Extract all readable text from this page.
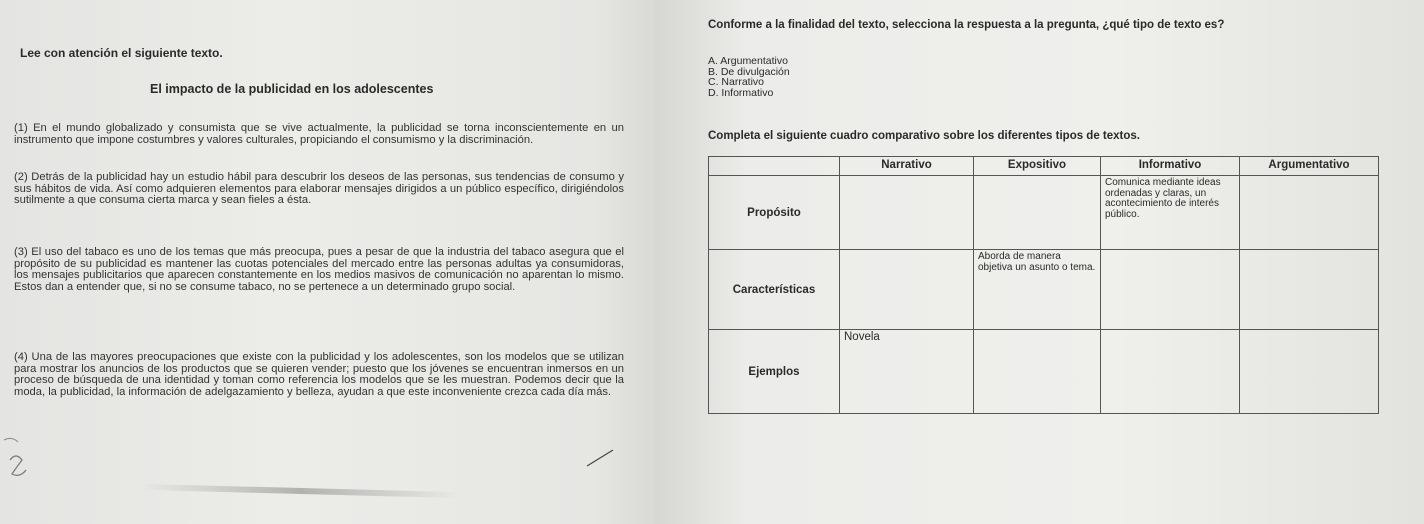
Lee con atención el siguiente texto.
El impacto de la publicidad en los adolescentes
(1) En el mundo globalizado y consumista que se vive actualmente, la publicidad se torna inconscientemente en un instrumento que impone costumbres y valores culturales, propiciando el consumismo y la discriminación.
(2) Detrás de la publicidad hay un estudio hábil para descubrir los deseos de las personas, sus tendencias de consumo y sus hábitos de vida. Así como adquieren elementos para elaborar mensajes dirigidos a un público específico, dirigiéndolos sutilmente a que consuma cierta marca y sean fieles a ésta.
(3) El uso del tabaco es uno de los temas que más preocupa, pues a pesar de que la industria del tabaco asegura que el propósito de su publicidad es mantener las cuotas potenciales del mercado entre las personas adultas ya consumidoras, los mensajes publicitarios que aparecen constantemente en los medios masivos de comunicación no aparentan lo mismo. Estos dan a entender que, si no se consume tabaco, no se pertenece a un determinado grupo social.
(4) Una de las mayores preocupaciones que existe con la publicidad y los adolescentes, son los modelos que se utilizan para mostrar los anuncios de los productos que se quieren vender; puesto que los jóvenes se encuentran inmersos en un proceso de búsqueda de una identidad y toman como referencia los modelos que se les muestran. Podemos decir que la moda, la publicidad, la información de adelgazamiento y belleza, ayudan a que este inconveniente crezca cada día más.
Conforme a la finalidad del texto, selecciona la respuesta a la pregunta, ¿qué tipo de texto es?
A. Argumentativo
B. De divulgación
C. Narrativo
D. Informativo
Completa el siguiente cuadro comparativo sobre los diferentes tipos de textos.
	Narrativo	Expositivo	Informativo	Argumentativo
Propósito			Comunica mediante ideas ordenadas y claras, un acontecimiento de interés público.	
Características		Aborda de manera objetiva un asunto o tema.		
Ejemplos	Novela			
